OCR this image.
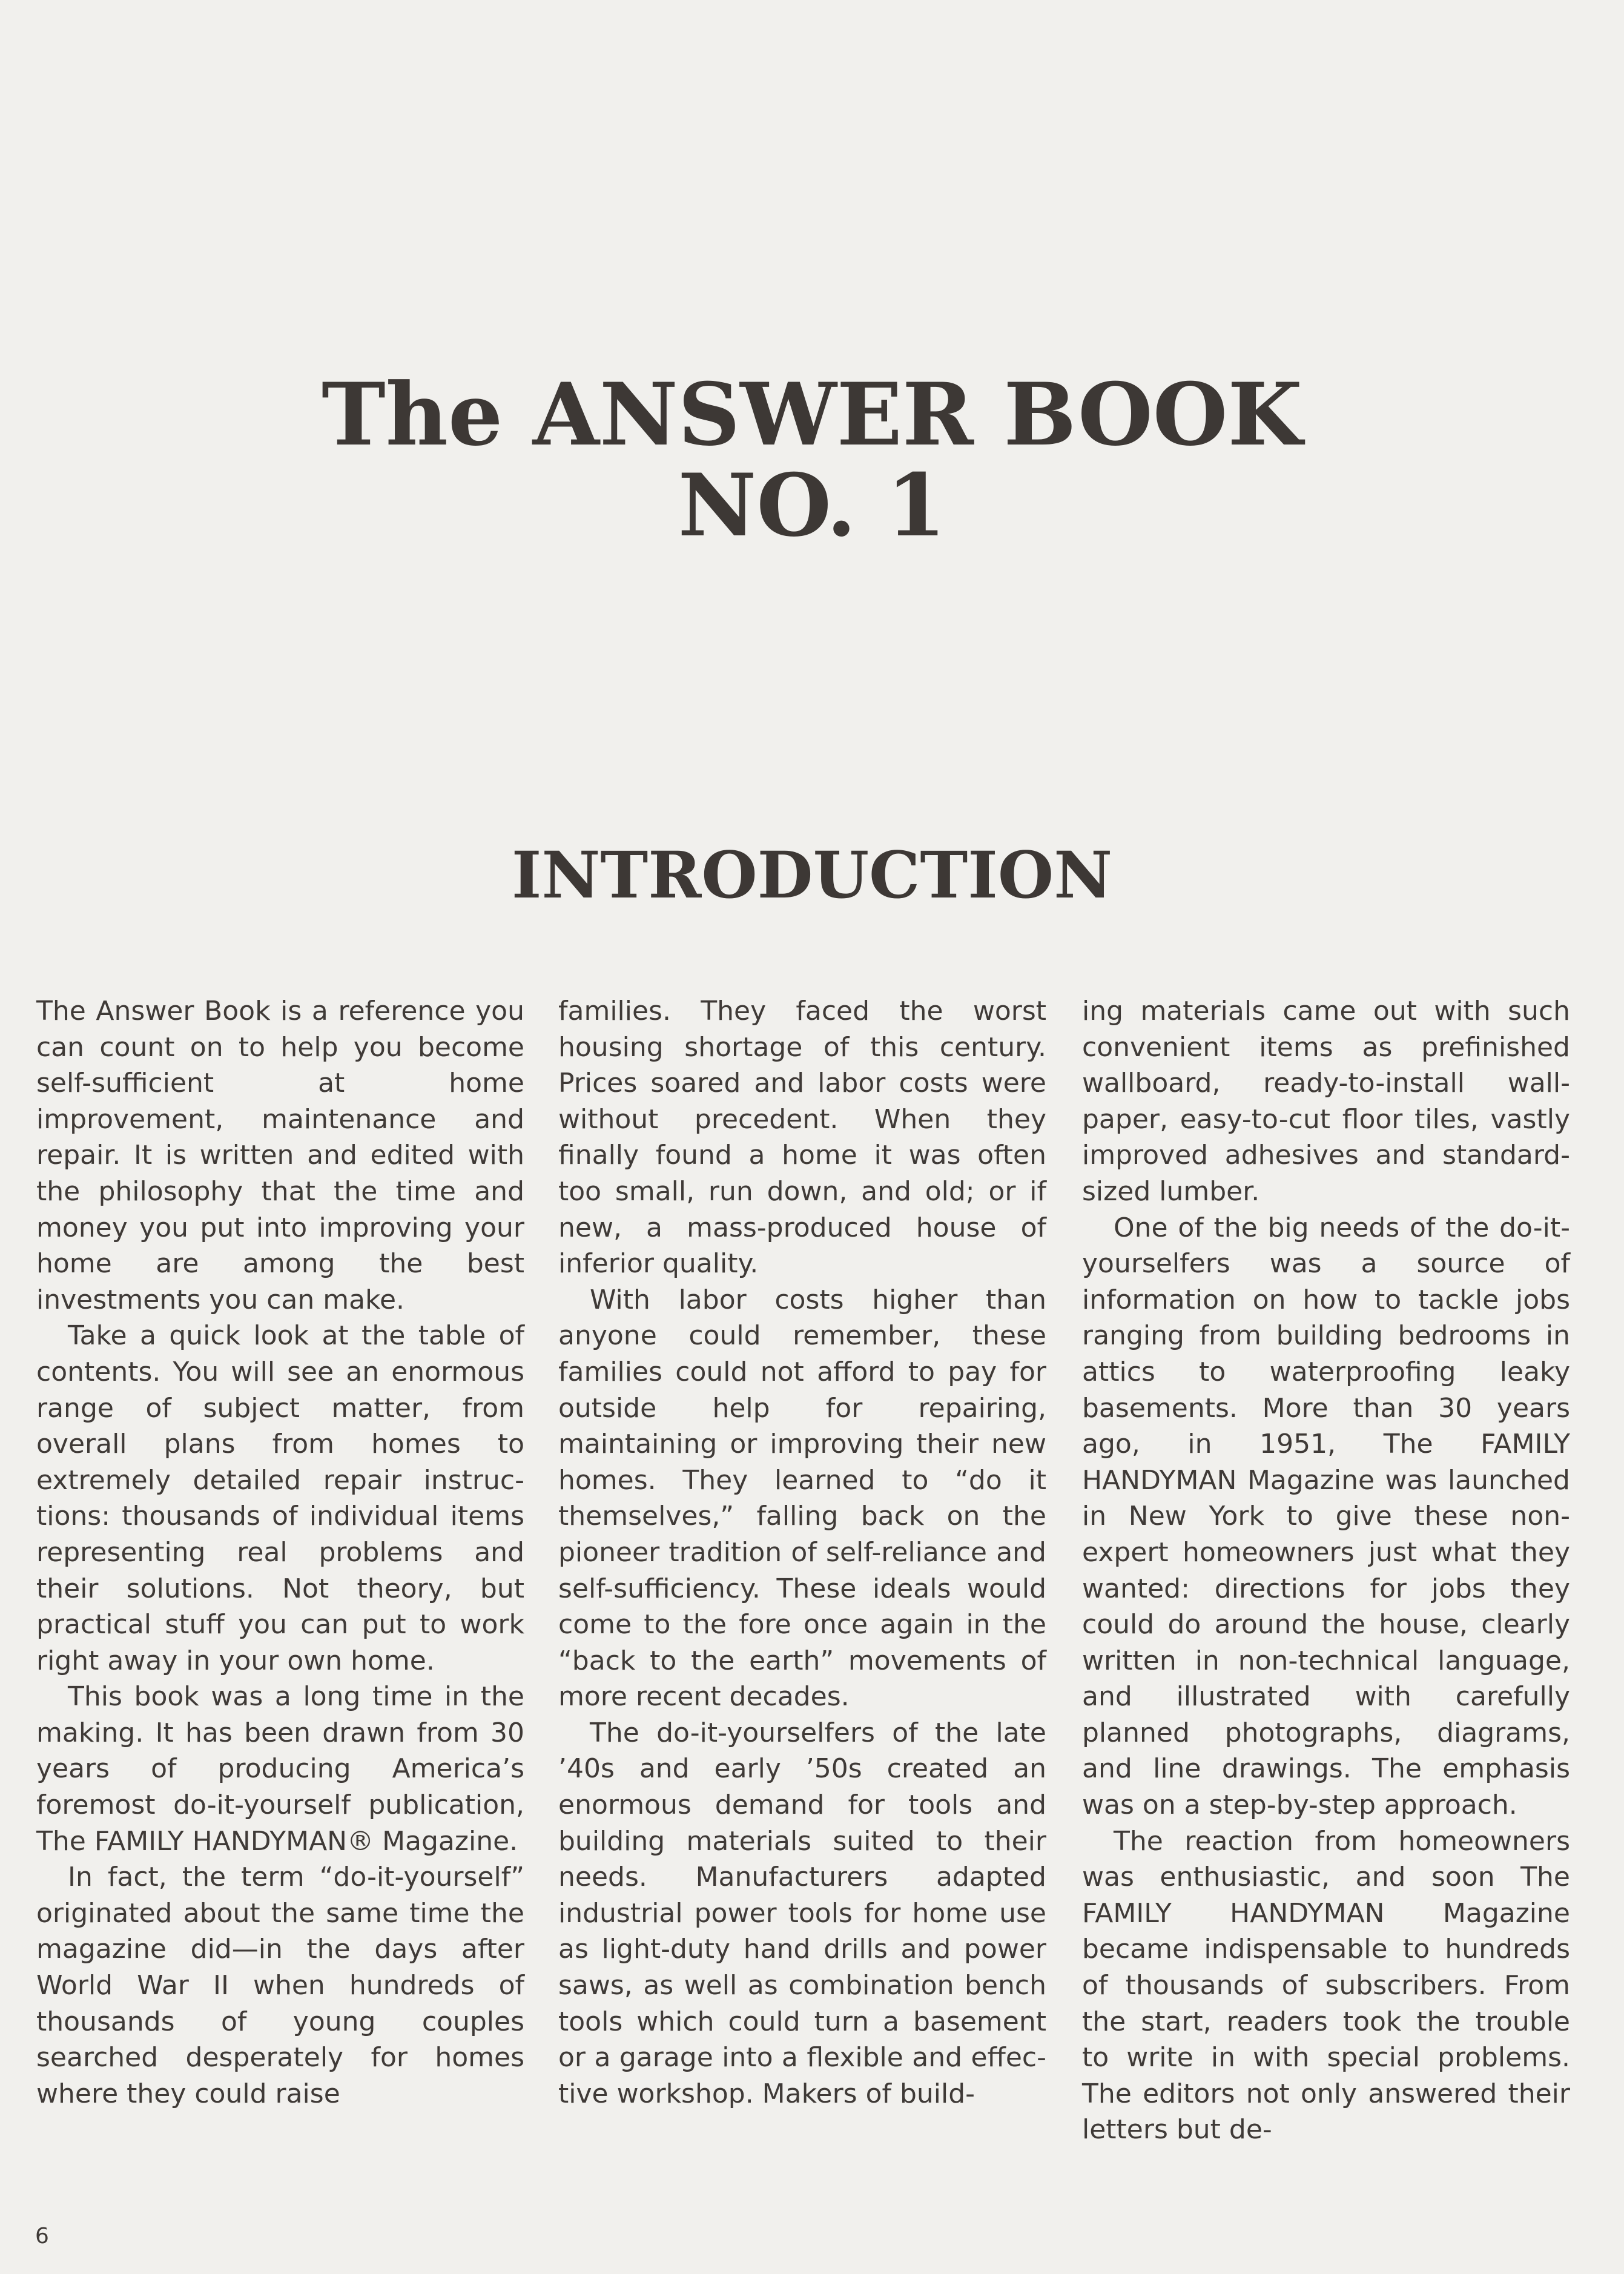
The ANSWER BOOK
NO. 1
INTRODUCTION

The Answer Book is a reference you can count on to help you become self-sufficient at home improvement, maintenance and repair. It is written and edited with the philosophy that the time and money you put into improving your home are among the best investments you can make.

Take a quick look at the table of contents. You will see an enormous range of subject matter, from overall plans from homes to extremely detailed repair instructions: thousands of individual items representing real problems and their solutions. Not theory, but practical stuff you can put to work right away in your own home.

This book was a long time in the making. It has been drawn from 30 years of producing America’s foremost do-it-yourself publication, The FAMILY HANDYMAN® Magazine.

In fact, the term “do-it-yourself” originated about the same time the magazine did—in the days after World War II when hundreds of thousands of young couples searched desperately for homes where they could raise

families. They faced the worst housing shortage of this century. Prices soared and labor costs were without precedent. When they finally found a home it was often too small, run down, and old; or if new, a mass-produced house of inferior quality.

With labor costs higher than anyone could remember, these families could not afford to pay for outside help for repairing, maintaining or improving their new homes. They learned to “do it themselves,” falling back on the pioneer tradition of self-reliance and self-sufficiency. These ideals would come to the fore once again in the “back to the earth” movements of more recent decades.

The do-it-yourselfers of the late ’40s and early ’50s created an enormous demand for tools and building materials suited to their needs. Manufacturers adapted industrial power tools for home use as light-duty hand drills and power saws, as well as combination bench tools which could turn a basement or a garage into a flexible and effective workshop. Makers of build-

ing materials came out with such convenient items as prefinished wallboard, ready-to-install wallpaper, easy-to-cut floor tiles, vastly improved adhesives and standard-sized lumber.

One of the big needs of the do-it-yourselfers was a source of information on how to tackle jobs ranging from building bedrooms in attics to waterproofing leaky basements. More than 30 years ago, in 1951, The FAMILY HANDYMAN Magazine was launched in New York to give these non-expert homeowners just what they wanted: directions for jobs they could do around the house, clearly written in non-technical language, and illustrated with carefully planned photographs, diagrams, and line drawings. The emphasis was on a step-by-step approach.

The reaction from homeowners was enthusiastic, and soon The FAMILY HANDYMAN Magazine became indispensable to hundreds of thousands of subscribers. From the start, readers took the trouble to write in with special problems. The editors not only answered their letters but de-

6
